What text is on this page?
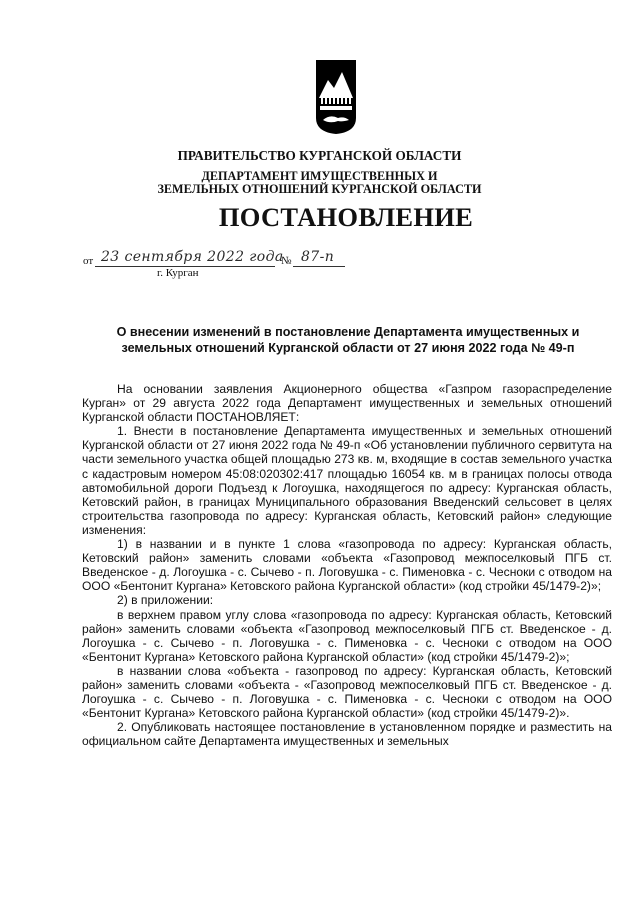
ПРАВИТЕЛЬСТВО КУРГАНСКОЙ ОБЛАСТИ
ДЕПАРТАМЕНТ ИМУЩЕСТВЕННЫХ И
ЗЕМЕЛЬНЫХ ОТНОШЕНИЙ КУРГАНСКОЙ ОБЛАСТИ
ПОСТАНОВЛЕНИЕ
от 23 сентября 2022 года
№ 87-п
г. Курган
О внесении изменений в постановление Департамента имущественных и земельных отношений Курганской области от 27 июня 2022 года № 49-п

На основании заявления Акционерного общества «Газпром газораспределение Курган» от 29 августа 2022 года Департамент имущественных и земельных отношений Курганской области ПОСТАНОВЛЯЕТ:

1. Внести в постановление Департамента имущественных и земельных отношений Курганской области от 27 июня 2022 года № 49-п «Об установлении публичного сервитута на части земельного участка общей площадью 273 кв. м, входящие в состав земельного участка с кадастровым номером 45:08:020302:417 площадью 16054 кв. м в границах полосы отвода автомобильной дороги Подъезд к Логоушка, находящегося по адресу: Курганская область, Кетовский район, в границах Муниципального образования Введенский сельсовет в целях строительства газопровода по адресу: Курганская область, Кетовский район» следующие изменения:

1) в названии и в пункте 1 слова «газопровода по адресу: Курганская область, Кетовский район» заменить словами «объекта «Газопровод межпоселковый ПГБ ст. Введенское - д. Логоушка - с. Сычево - п. Логовушка - с. Пименовка - с. Чесноки с отводом на ООО «Бентонит Кургана» Кетовского района Курганской области» (код стройки 45/1479-2)»;

2) в приложении:

в верхнем правом углу слова «газопровода по адресу: Курганская область, Кетовский район» заменить словами «объекта «Газопровод межпоселковый ПГБ ст. Введенское - д. Логоушка - с. Сычево - п. Логовушка - с. Пименовка - с. Чесноки с отводом на ООО «Бентонит Кургана» Кетовского района Курганской области» (код стройки 45/1479-2)»;

в названии слова «объекта - газопровод по адресу: Курганская область, Кетовский район» заменить словами «объекта - «Газопровод межпоселковый ПГБ ст. Введенское - д. Логоушка - с. Сычево - п. Логовушка - с. Пименовка - с. Чесноки с отводом на ООО «Бентонит Кургана» Кетовского района Курганской области» (код стройки 45/1479-2)».

2. Опубликовать настоящее постановление в установленном порядке и разместить на официальном сайте Департамента имущественных и земельных
